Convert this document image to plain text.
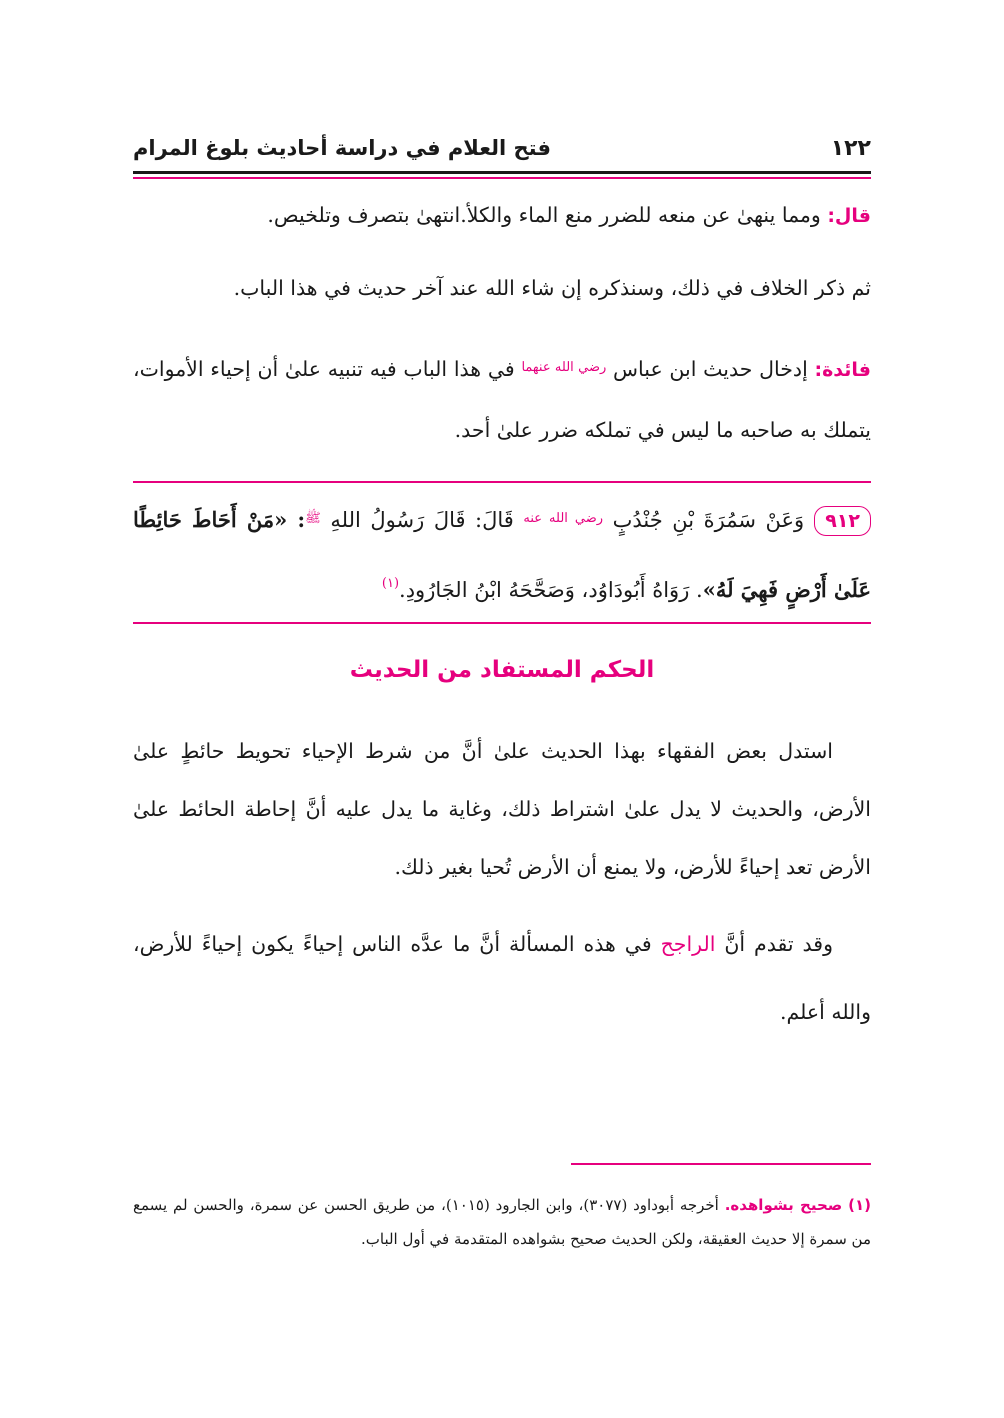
١٢٢
فتح العلام في دراسة أحاديث بلوغ المرام

قال: ومما ينهىٰ عن منعه للضرر منع الماء والكلأ.انتهىٰ بتصرف وتلخيص.

ثم ذكر الخلاف في ذلك، وسنذكره إن شاء الله عند آخر حديث في هذا الباب.

فائدة: إدخال حديث ابن عباس $^{رضي الله عنهما}$ في هذا الباب فيه تنبيه علىٰ أن إحياء الأموات، يتملك به صاحبه ما ليس في تملكه ضرر علىٰ أحد.

٩١٢وَعَنْ سَمُرَةَ بْنِ جُنْدُبٍ $^{رضي الله عنه}$ قَالَ: قَالَ رَسُولُ اللهِ $^ﷺ$: «مَنْ أَحَاطَ حَائِطًا عَلَىٰ أَرْضٍ فَهِيَ لَهُ». رَوَاهُ أَبُودَاوُد، وَصَحَّحَهُ ابْنُ الجَارُودِ.$^{(١)}$

الحكم المستفاد من الحديث

استدل بعض الفقهاء بهذا الحديث علىٰ أنَّ من شرط الإحياء تحويط حائطٍ علىٰ الأرض، والحديث لا يدل علىٰ اشتراط ذلك، وغاية ما يدل عليه أنَّ إحاطة الحائط علىٰ الأرض تعد إحياءً للأرض، ولا يمنع أن الأرض تُحيا بغير ذلك.

وقد تقدم أنَّ الراجح في هذه المسألة أنَّ ما عدَّه الناس إحياءً يكون إحياءً للأرض، والله أعلم.

(١) صحيح بشواهده. أخرجه أبوداود (٣٠٧٧)، وابن الجارود (١٠١٥)، من طريق الحسن عن سمرة، والحسن لم يسمع من سمرة إلا حديث العقيقة، ولكن الحديث صحيح بشواهده المتقدمة في أول الباب.
